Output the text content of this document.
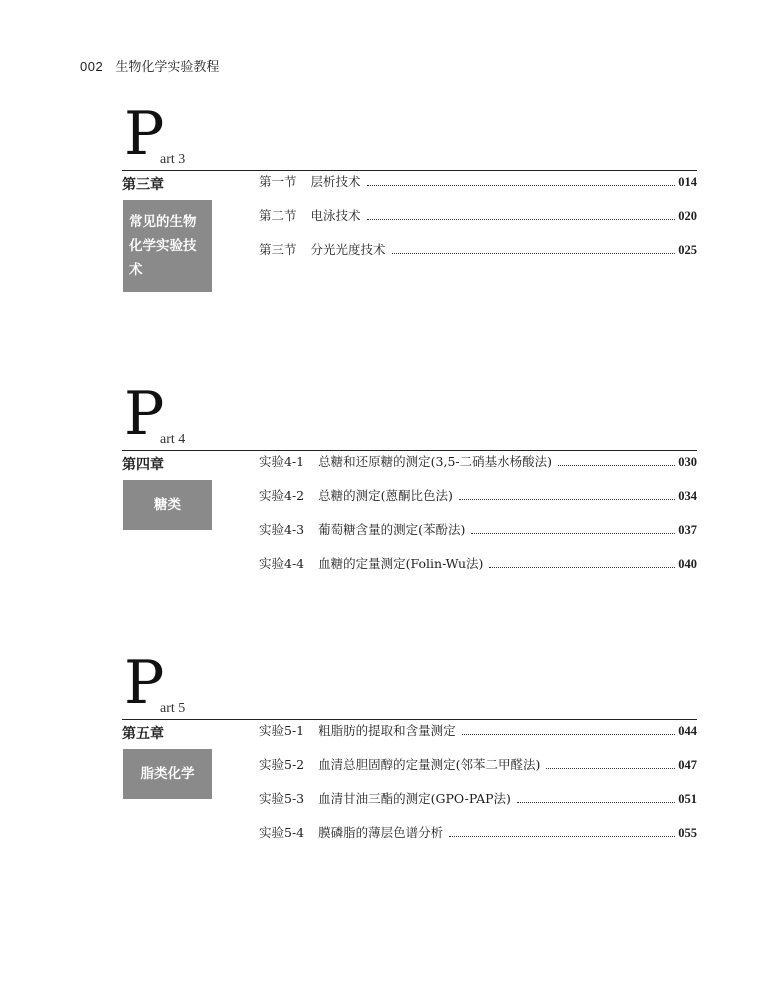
002 生物化学实验教程
P
art 3
第三章
常见的生物化学实验技术
第一节 层析技术	014
第二节 电泳技术	020
第三节 分光光度技术	025
P
art 4
第四章
糖类
实验4-1 总糖和还原糖的测定(3,5-二硝基水杨酸法)	030
实验4-2 总糖的测定(蒽酮比色法)	034
实验4-3 葡萄糖含量的测定(苯酚法)	037
实验4-4 血糖的定量测定(Folin-Wu法)	040
P
art 5
第五章
脂类化学
实验5-1 粗脂肪的提取和含量测定	044
实验5-2 血清总胆固醇的定量测定(邻苯二甲醛法)	047
实验5-3 血清甘油三酯的测定(GPO-PAP法)	051
实验5-4 膜磷脂的薄层色谱分析	055
